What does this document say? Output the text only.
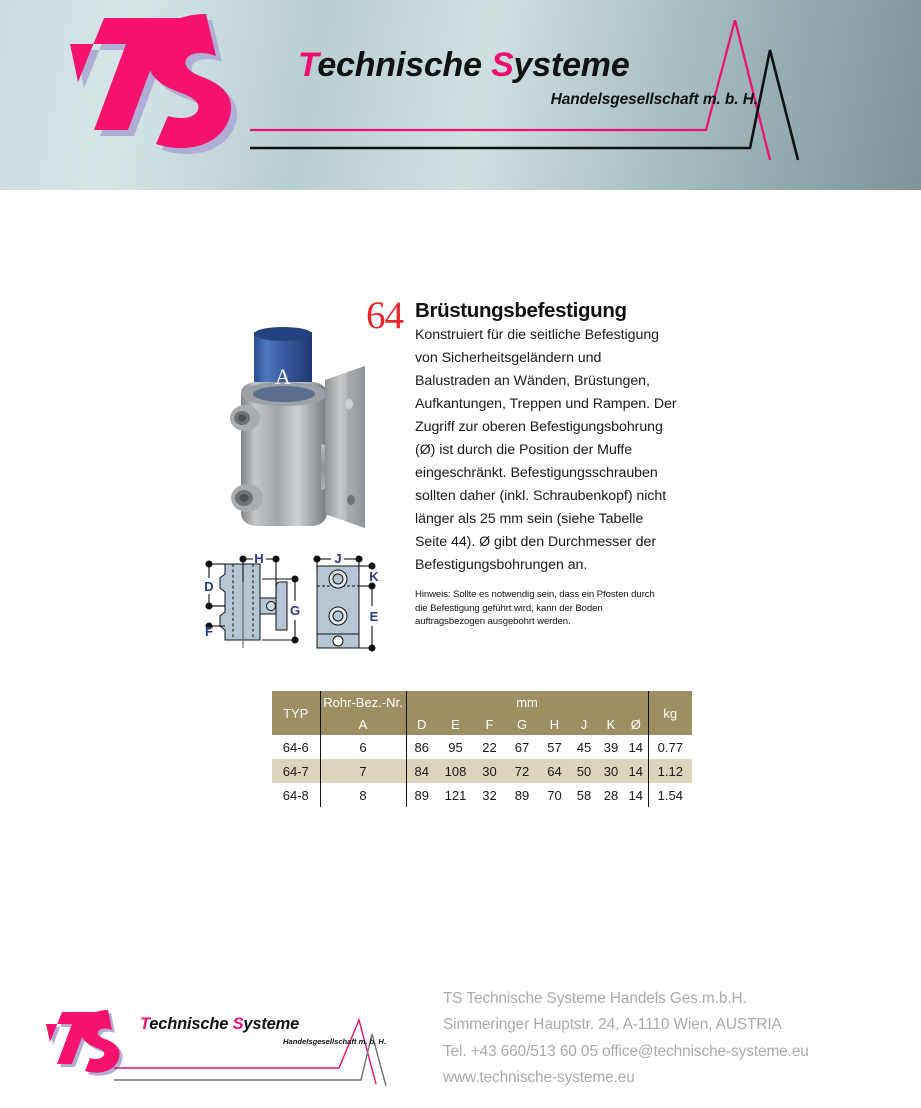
Technische Systeme
Handelsgesellschaft m. b. H.
A
H	J
D
F
G
K
E
64 Brüstungsbefestigung

Konstruiert für die seitliche Befestigung von Sicherheitsgeländern und Balustraden an Wänden, Brüstungen, Aufkantungen, Treppen und Rampen. Der Zugriff zur oberen Befestigungsbohrung (Ø) ist durch die Position der Muffe eingeschränkt. Befestigungsschrauben sollten daher (inkl. Schraubenkopf) nicht länger als 25 mm sein (siehe Tabelle Seite 44). Ø gibt den Durchmesser der Befestigungsbohrungen an.

Hinweis: Sollte es notwendig sein, dass ein Pfosten durch die Befestigung geführt wird, kann der Boden auftragsbezogen ausgebohrt werden.
TYP	Rohr-Bez.-Nr.	mm								kg
	A	D	E	F	G	H	J	K	Ø	
64-6	6	86	95	22	67	57	45	39	14	0.77
64-7	7	84	108	30	72	64	50	30	14	1.12
64-8	8	89	121	32	89	70	58	28	14	1.54
Technische Systeme
Handelsgesellschaft m. b. H.
TS Technische Systeme Handels Ges.m.b.H.
Simmeringer Hauptstr. 24, A-1110 Wien, AUSTRIA
Tel. +43 660/513 60 05 office@technische-systeme.eu
www.technische-systeme.eu
